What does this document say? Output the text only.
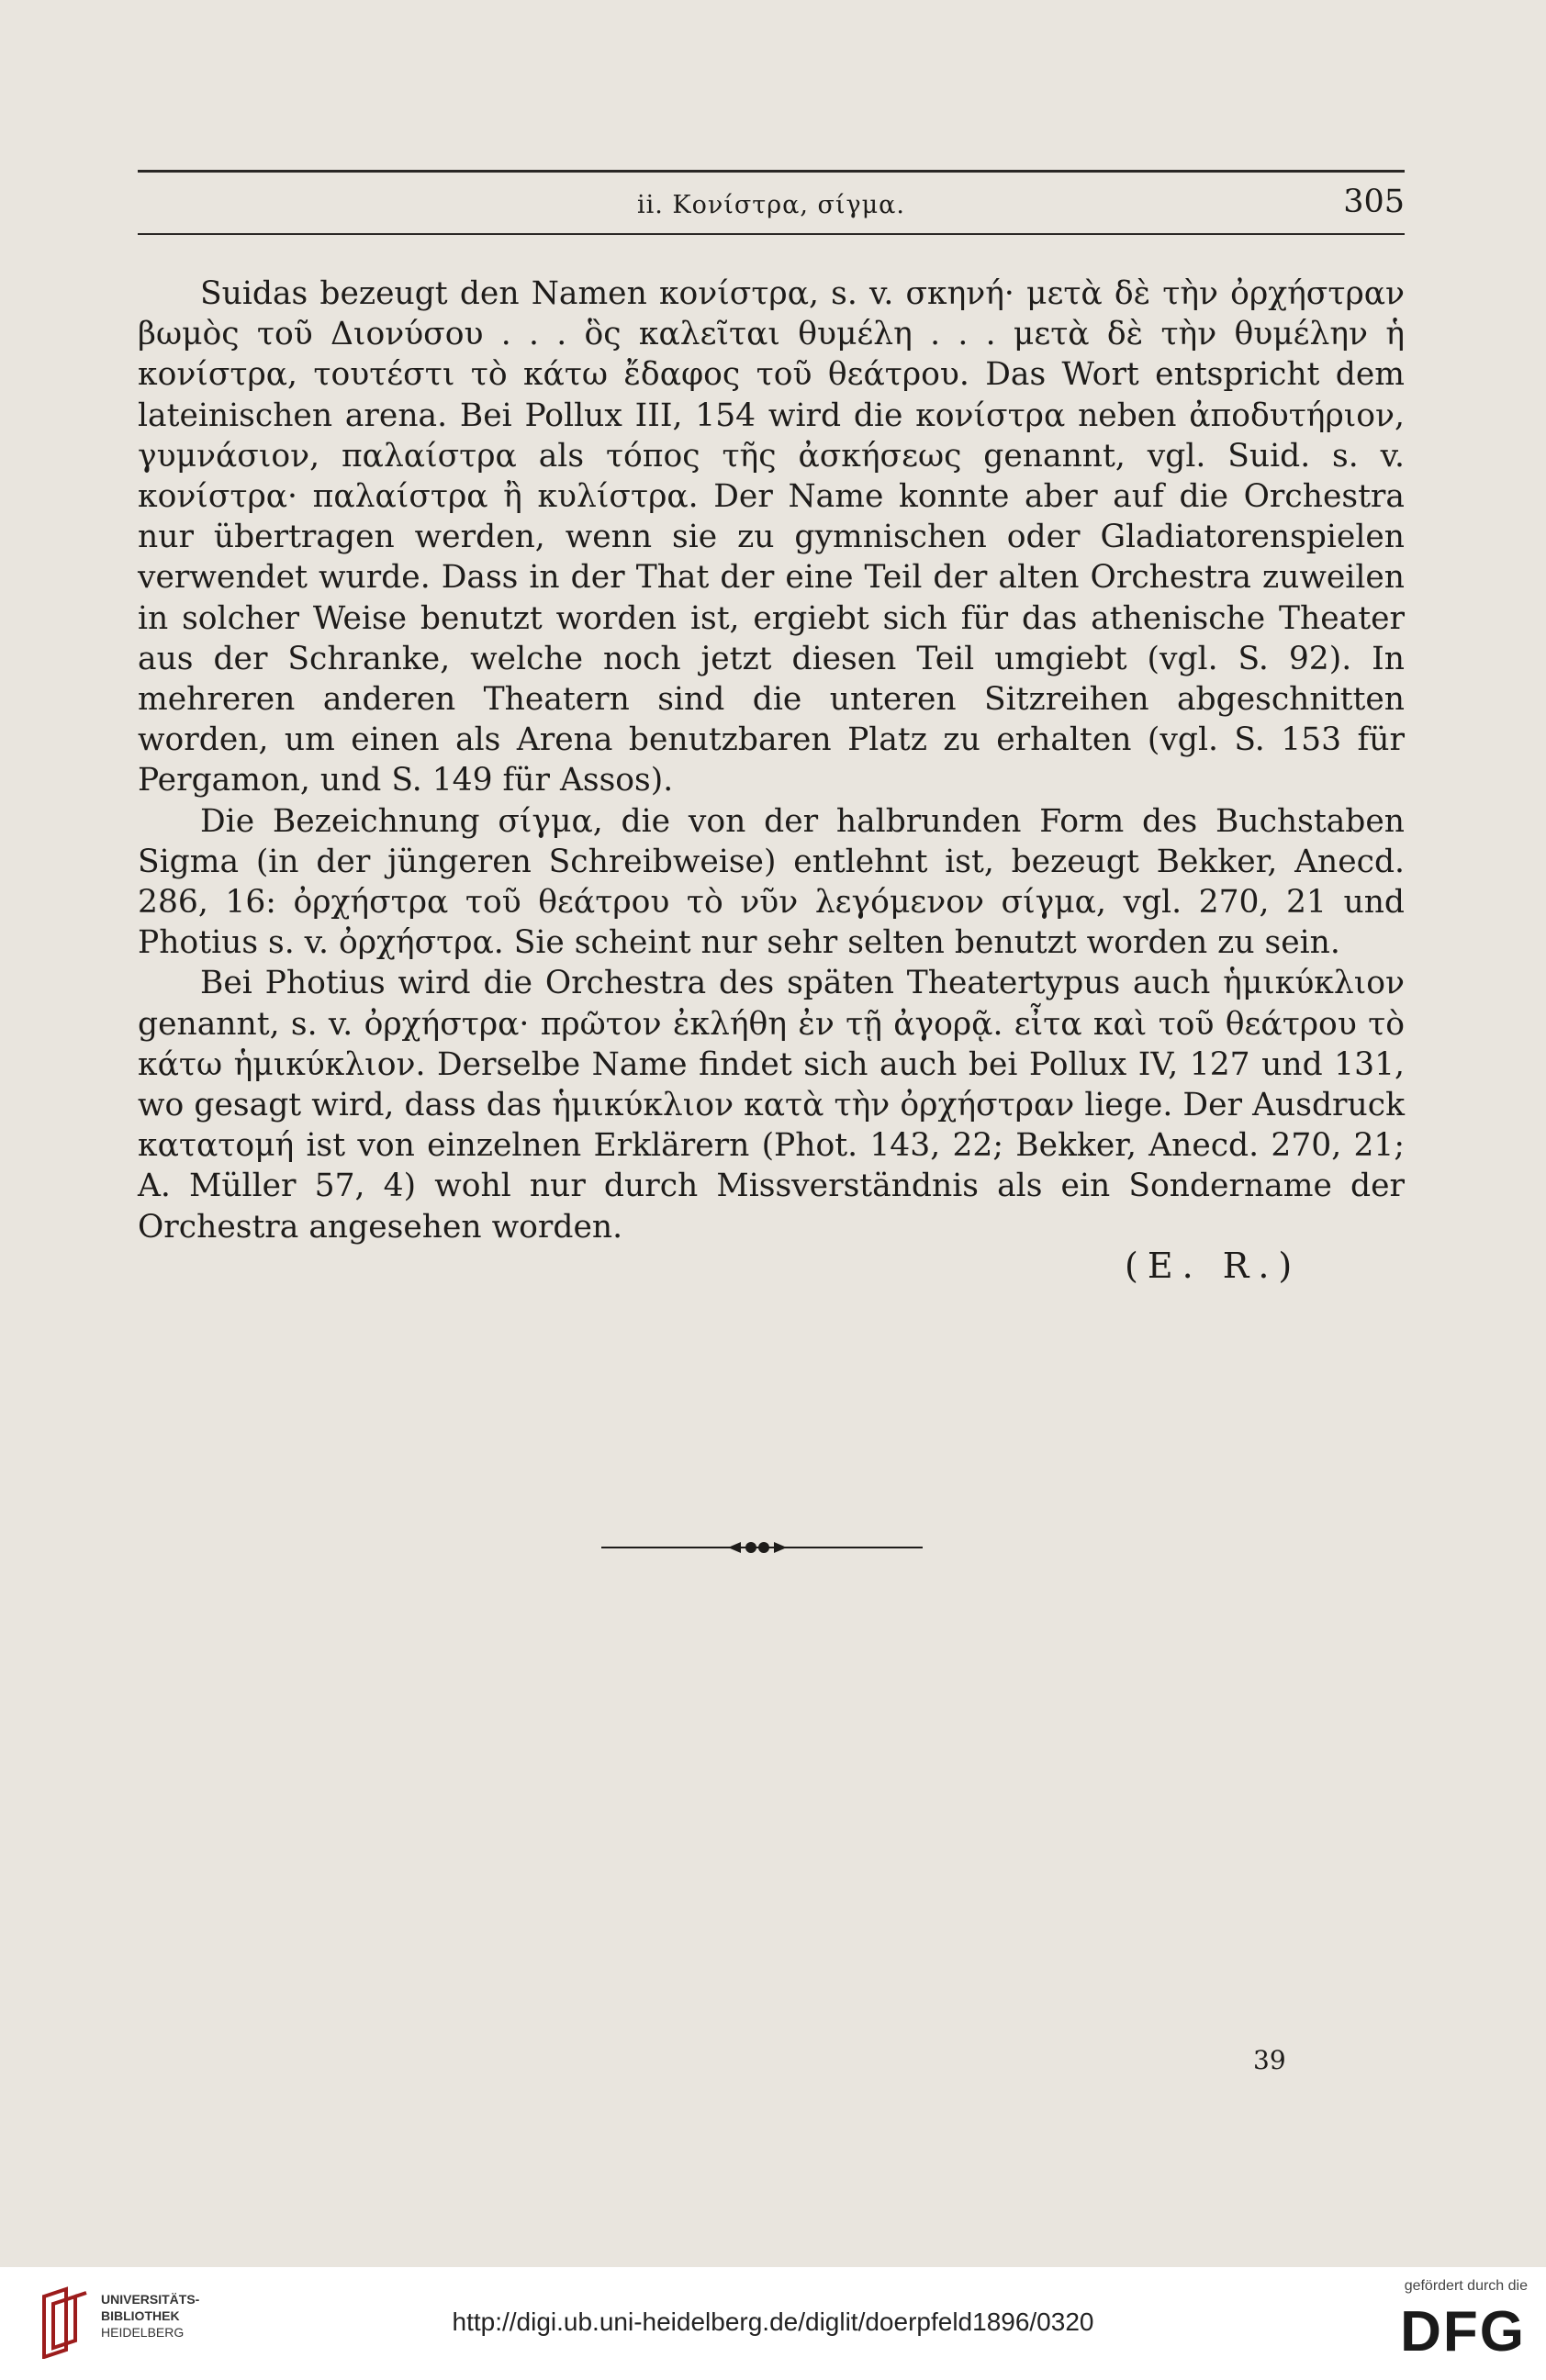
ii. Κονίστρα, σίγμα.	305

Suidas bezeugt den Namen κονίστρα, s. v. σκηνή· μετὰ δὲ τὴν ὀρχήστραν βωμὸς τοῦ Διονύσου . . . ὃς καλεῖται θυμέλη . . . μετὰ δὲ τὴν θυμέλην ἡ κονίστρα, τουτέστι τὸ κάτω ἔδαφος τοῦ θεάτρου. Das Wort entspricht dem lateinischen arena. Bei Pollux III, 154 wird die κονίστρα neben ἀποδυτήριον, γυμνάσιον, παλαίστρα als τόπος τῆς ἀσκήσεως genannt, vgl. Suid. s. v. κονίστρα· παλαίστρα ἢ κυλίστρα. Der Name konnte aber auf die Orchestra nur übertragen werden, wenn sie zu gymnischen oder Gladiatorenspielen verwendet wurde. Dass in der That der eine Teil der alten Orchestra zuweilen in solcher Weise benutzt worden ist, ergiebt sich für das athenische Theater aus der Schranke, welche noch jetzt diesen Teil umgiebt (vgl. S. 92). In mehreren anderen Theatern sind die unteren Sitzreihen abgeschnitten worden, um einen als Arena benutzbaren Platz zu erhalten (vgl. S. 153 für Pergamon, und S. 149 für Assos).

Die Bezeichnung σίγμα, die von der halbrunden Form des Buchstaben Sigma (in der jüngeren Schreibweise) entlehnt ist, bezeugt Bekker, Anecd. 286, 16: ὀρχήστρα τοῦ θεάτρου τὸ νῦν λεγόμενον σίγμα, vgl. 270, 21 und Photius s. v. ὀρχήστρα. Sie scheint nur sehr selten benutzt worden zu sein.

Bei Photius wird die Orchestra des späten Theatertypus auch ἡμικύκλιον genannt, s. v. ὀρχήστρα· πρῶτον ἐκλήθη ἐν τῇ ἀγορᾷ. εἶτα καὶ τοῦ θεάτρου τὸ κάτω ἡμικύκλιον. Derselbe Name findet sich auch bei Pollux IV, 127 und 131, wo gesagt wird, dass das ἡμικύκλιον κατὰ τὴν ὀρχήστραν liege. Der Ausdruck κατατομή ist von einzelnen Erklärern (Phot. 143, 22; Bekker, Anecd. 270, 21; A. Müller 57, 4) wohl nur durch Missverständnis als ein Sondername der Orchestra angesehen worden.

(E. R.)
39
UNIVERSITÄTS-
BIBLIOTHEK
HEIDELBERG	http://digi.ub.uni-heidelberg.de/diglit/doerpfeld1896/0320
gefördert durch die
DFG
